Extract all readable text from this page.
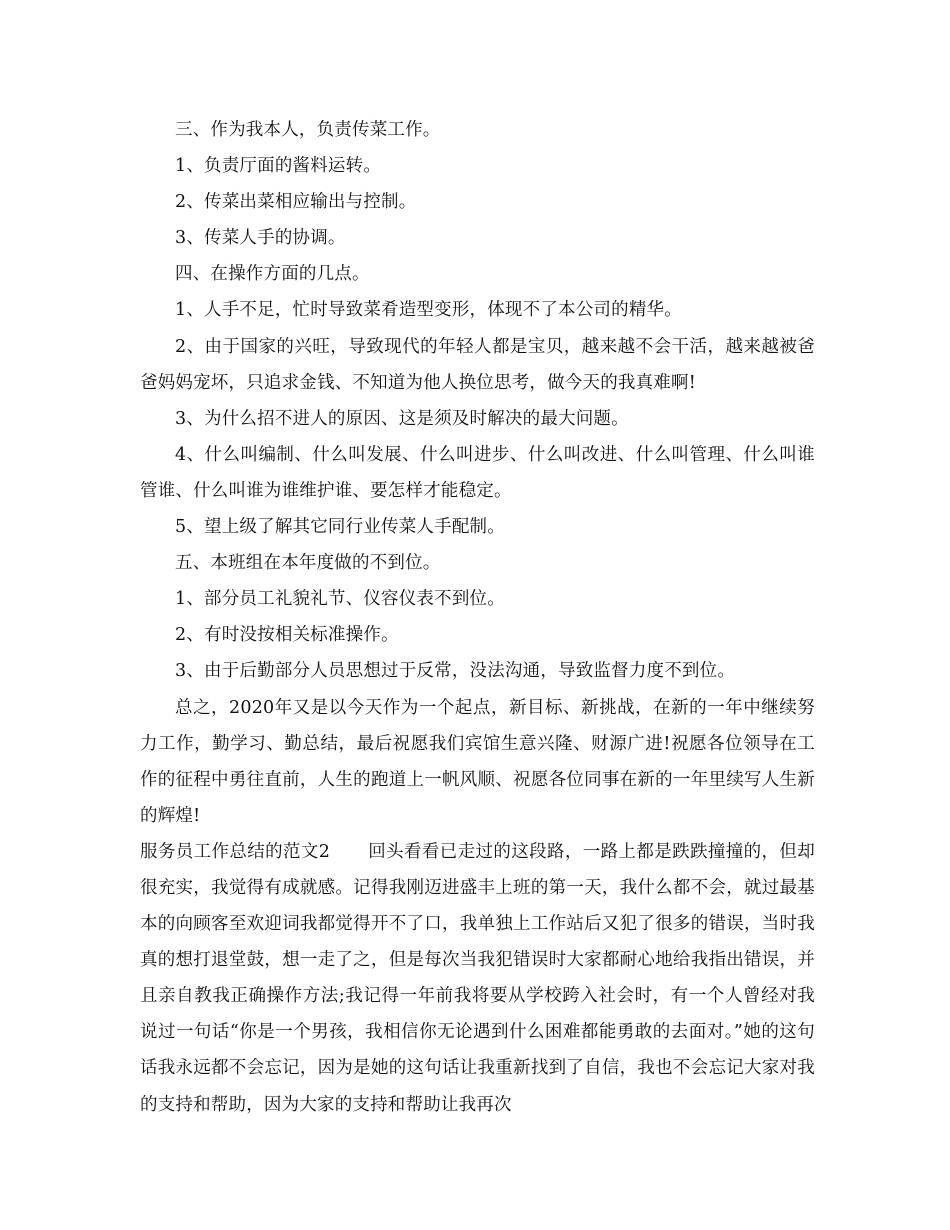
三、作为我本人，负责传菜工作。

1、负责厅面的酱料运转。

2、传菜出菜相应输出与控制。

3、传菜人手的协调。

四、在操作方面的几点。

1、人手不足，忙时导致菜肴造型变形，体现不了本公司的精华。

2、由于国家的兴旺，导致现代的年轻人都是宝贝，越来越不会干活，越来越被爸爸妈妈宠坏，只追求金钱、不知道为他人换位思考，做今天的我真难啊!

3、为什么招不进人的原因、这是须及时解决的最大问题。

4、什么叫编制、什么叫发展、什么叫进步、什么叫改进、什么叫管理、什么叫谁管谁、什么叫谁为谁维护谁、要怎样才能稳定。

5、望上级了解其它同行业传菜人手配制。

五、本班组在本年度做的不到位。

1、部分员工礼貌礼节、仪容仪表不到位。

2、有时没按相关标准操作。

3、由于后勤部分人员思想过于反常，没法沟通，导致监督力度不到位。

总之，2020年又是以今天作为一个起点，新目标、新挑战，在新的一年中继续努力工作，勤学习、勤总结，最后祝愿我们宾馆生意兴隆、财源广进!祝愿各位领导在工作的征程中勇往直前，人生的跑道上一帆风顺、祝愿各位同事在新的一年里续写人生新的辉煌!

服务员工作总结的范文2 回头看看已走过的这段路，一路上都是跌跌撞撞的，但却很充实，我觉得有成就感。记得我刚迈进盛丰上班的第一天，我什么都不会，就过最基本的向顾客至欢迎词我都觉得开不了口，我单独上工作站后又犯了很多的错误，当时我真的想打退堂鼓，想一走了之，但是每次当我犯错误时大家都耐心地给我指出错误，并且亲自教我正确操作方法;我记得一年前我将要从学校跨入社会时，有一个人曾经对我说过一句话“你是一个男孩，我相信你无论遇到什么困难都能勇敢的去面对。”她的这句话我永远都不会忘记，因为是她的这句话让我重新找到了自信，我也不会忘记大家对我的支持和帮助，因为大家的支持和帮助让我再次
